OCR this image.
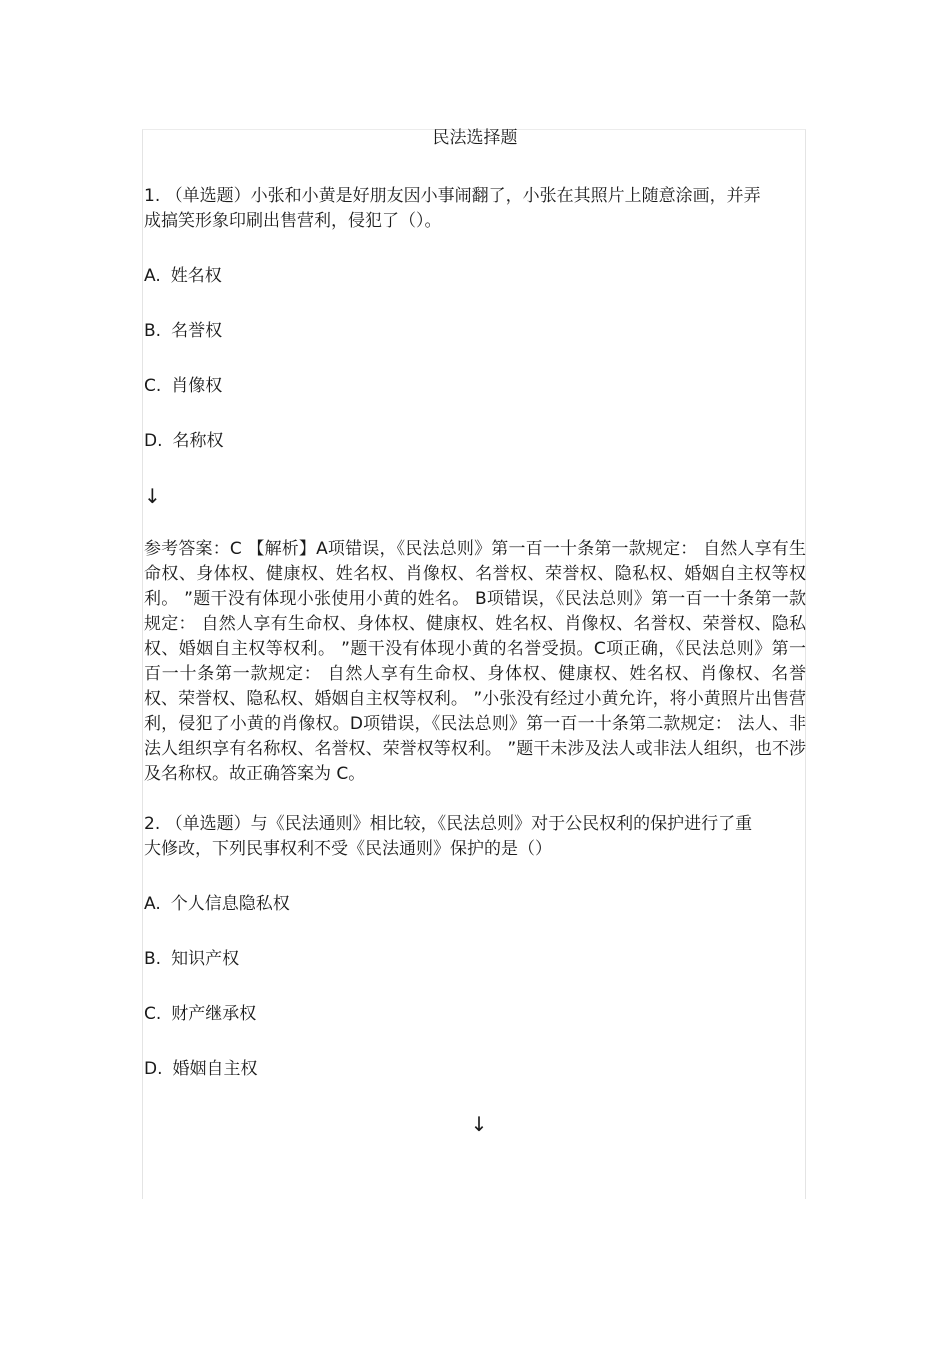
民法选择题
1. （单选题）小张和小黄是好朋友因小事闹翻了，小张在其照片上随意涂画，并弄成搞笑形象印刷出售营利，侵犯了（）。
A. 姓名权
B. 名誉权
C. 肖像权
D. 名称权
↓
参考答案：C 【解析】A项错误，《民法总则》第一百一十条第一款规定： 自然人享有生命权、身体权、健康权、姓名权、肖像权、名誉权、荣誉权、隐私权、婚姻自主权等权利。 ”题干没有体现小张使用小黄的姓名。 B项错误，《民法总则》第一百一十条第一款规定： 自然人享有生命权、身体权、健康权、姓名权、肖像权、名誉权、荣誉权、隐私权、婚姻自主权等权利。 ”题干没有体现小黄的名誉受损。C项正确，《民法总则》第一百一十条第一款规定： 自然人享有生命权、身体权、健康权、姓名权、肖像权、名誉权、荣誉权、隐私权、婚姻自主权等权利。 ”小张没有经过小黄允许，将小黄照片出售营利，侵犯了小黄的肖像权。D项错误，《民法总则》第一百一十条第二款规定： 法人、非法人组织享有名称权、名誉权、荣誉权等权利。 ”题干未涉及法人或非法人组织，也不涉及名称权。故正确答案为 C。
2. （单选题）与《民法通则》相比较，《民法总则》对于公民权利的保护进行了重大修改，下列民事权利不受《民法通则》保护的是（）
A. 个人信息隐私权
B. 知识产权
C. 财产继承权
D. 婚姻自主权
↓
